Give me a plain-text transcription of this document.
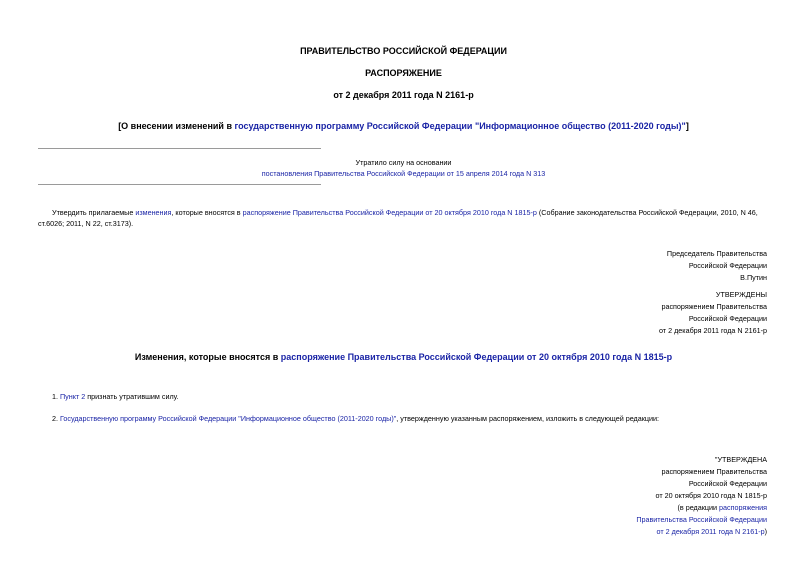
ПРАВИТЕЛЬСТВО РОССИЙСКОЙ ФЕДЕРАЦИИ
РАСПОРЯЖЕНИЕ
от 2 декабря 2011 года N 2161-р
[О внесении изменений в государственную программу Российской Федерации "Информационное общество (2011-2020 годы)"]
Утратило силу на основании
постановления Правительства Российской Федерации от 15 апреля 2014 года N 313
Утвердить прилагаемые изменения, которые вносятся в распоряжение Правительства Российской Федерации от 20 октября 2010 года N 1815-р (Собрание законодательства Российской Федерации, 2010, N 46,
ст.6026; 2011, N 22, ст.3173).
Председатель Правительства
Российской Федерации
В.Путин
УТВЕРЖДЕНЫ
распоряжением Правительства
Российской Федерации
от 2 декабря 2011 года N 2161-р
Изменения, которые вносятся в распоряжение Правительства Российской Федерации от 20 октября 2010 года N 1815-р
1. Пункт 2 признать утратившим силу.
2. Государственную программу Российской Федерации "Информационное общество (2011-2020 годы)", утвержденную указанным распоряжением, изложить в следующей редакции:
"УТВЕРЖДЕНА
распоряжением Правительства
Российской Федерации
от 20 октября 2010 года N 1815-р
(в редакции распоряжения
Правительства Российской Федерации
от 2 декабря 2011 года N 2161-р)
